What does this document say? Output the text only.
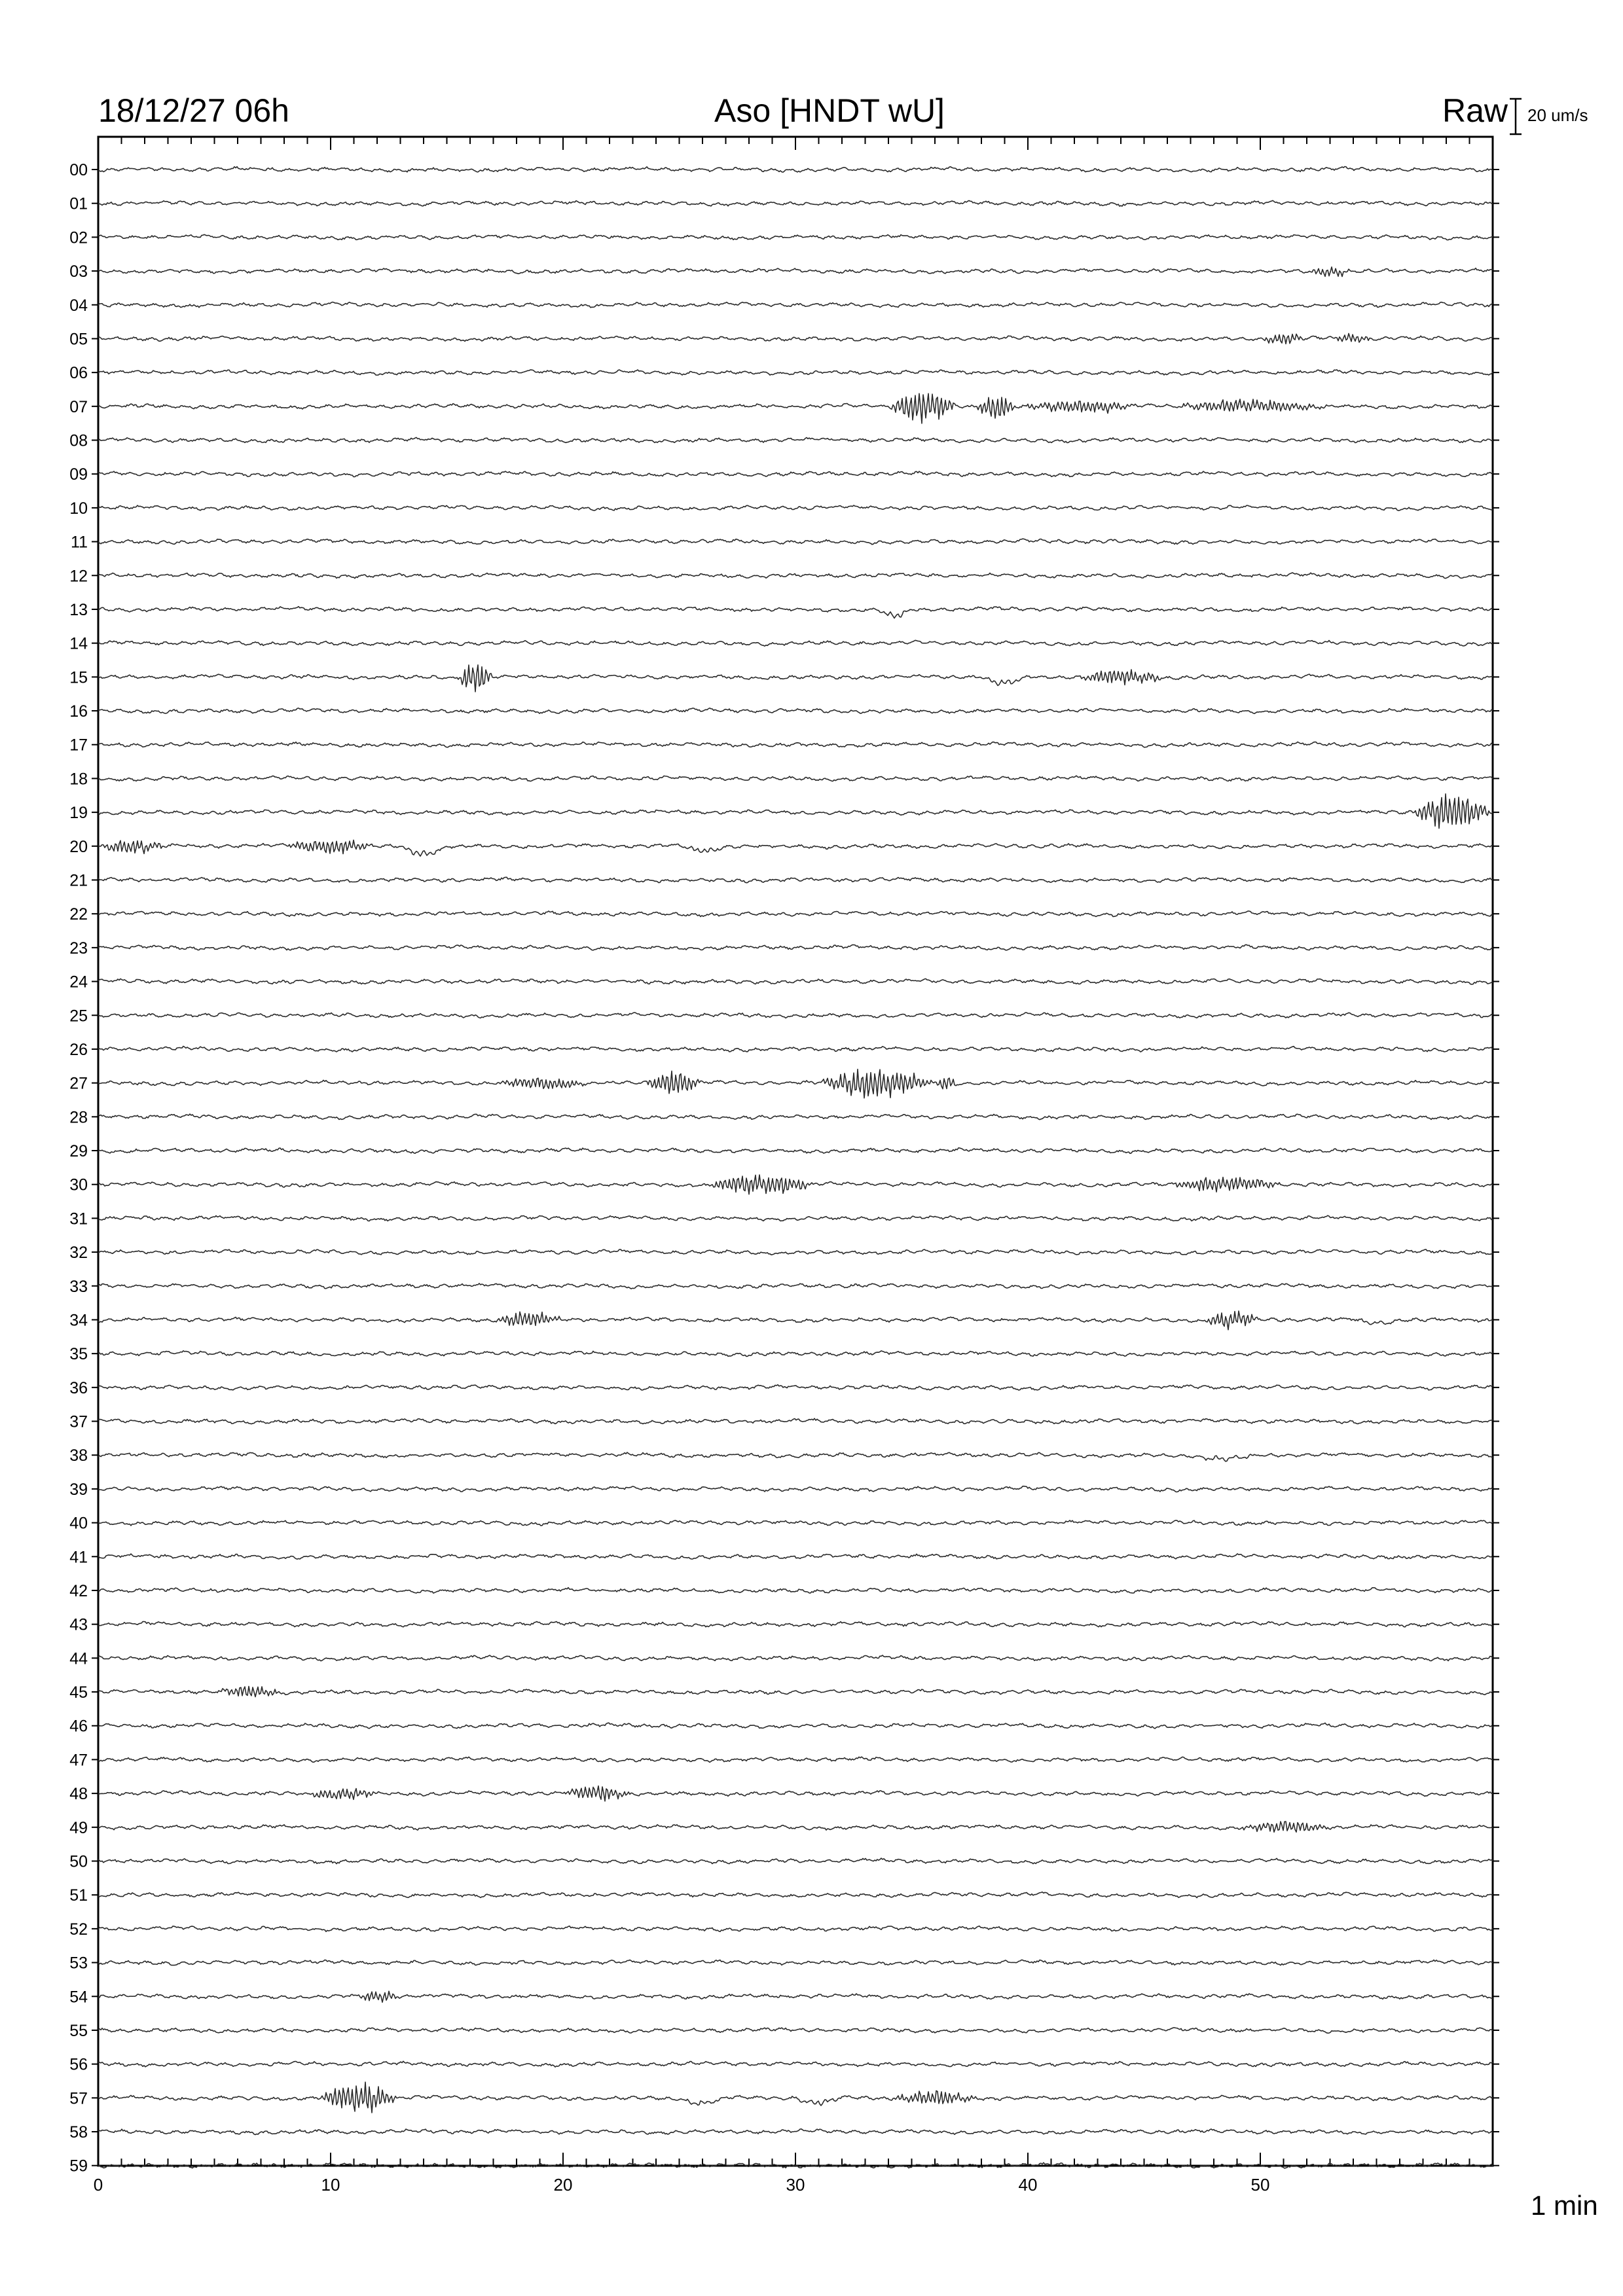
0	10	20	30	40	50
00
01
02
03
04
05
06
07
08
09
10
11
12
13
14
15
16
17
18
19
20
21
22
23
24
25
26
27
28
29
30
31
32
33
34
35
36
37
38
39
40
41
42
43
44
45
46
47
48
49
50
51
52
53
54
55
56
57
58
59
18/12/27 06h	Aso [HNDT wU]	Raw 20 um/s
1 min
